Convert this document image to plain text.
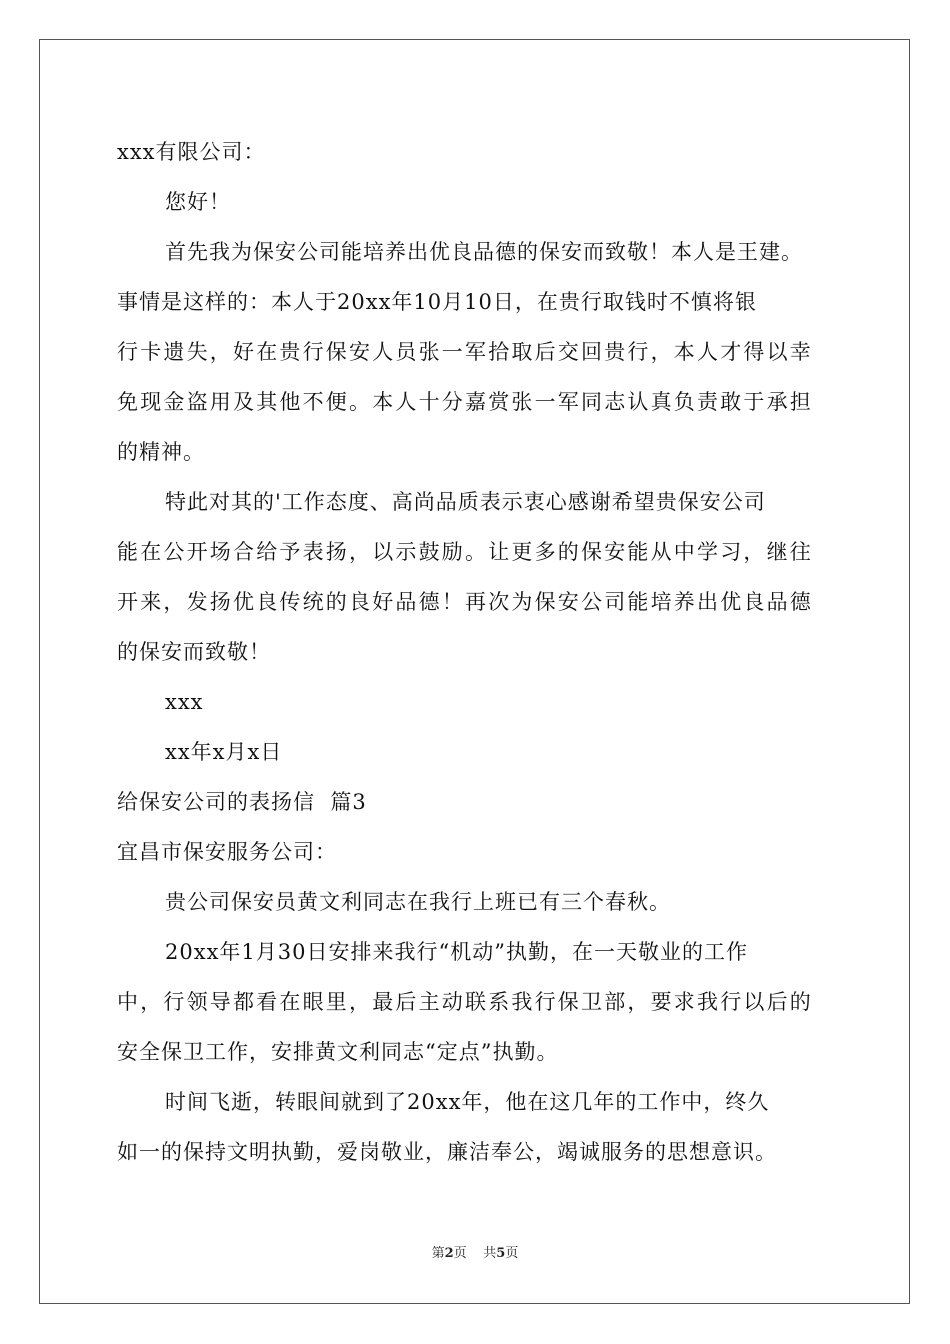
xxx有限公司：
您好！
首先我为保安公司能培养出优良品德的保安而致敬！本人是王建。
事情是这样的：本人于20xx年10月10日，在贵行取钱时不慎将银
行卡遗失，好在贵行保安人员张一军拾取后交回贵行，本人才得以幸
免现金盗用及其他不便。本人十分嘉赏张一军同志认真负责敢于承担
的精神。
特此对其的'工作态度、高尚品质表示衷心感谢希望贵保安公司
能在公开场合给予表扬，以示鼓励。让更多的保安能从中学习，继往
开来，发扬优良传统的良好品德！再次为保安公司能培养出优良品德
的保安而致敬！
xxx
xx年x月x日
给保安公司的表扬信  篇3
宜昌市保安服务公司：
贵公司保安员黄文利同志在我行上班已有三个春秋。
20xx年1月30日安排来我行“机动”执勤，在一天敬业的工作
中，行领导都看在眼里，最后主动联系我行保卫部，要求我行以后的
安全保卫工作，安排黄文利同志“定点”执勤。
时间飞逝，转眼间就到了20xx年，他在这几年的工作中，终久
如一的保持文明执勤，爱岗敬业，廉洁奉公，竭诚服务的思想意识。
第2页 共5页
